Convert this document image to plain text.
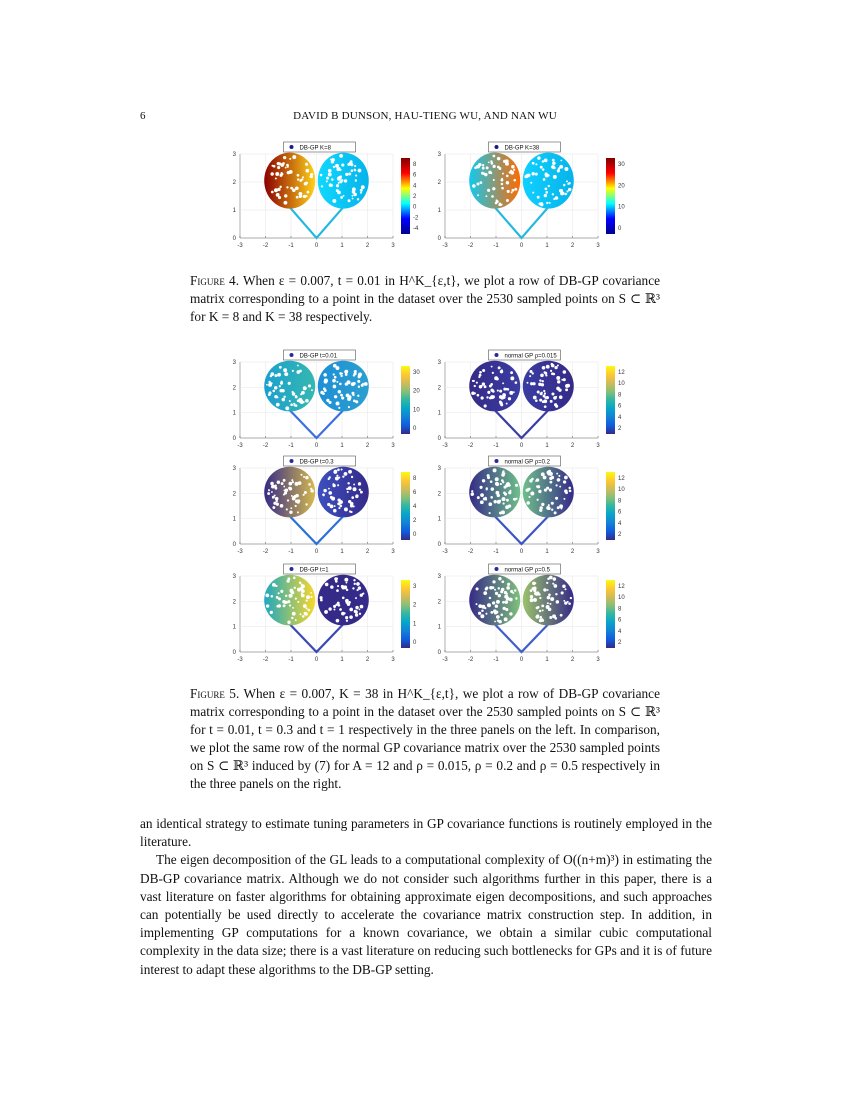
6	DAVID B DUNSON, HAU-TIENG WU, AND NAN WU
-3	-2	-1	0	1	2	3
3
2
1
0
DB-GP K=8
8
6
4
2
0
-2
-4
-3	-2	-1	0	1	2	3
3
2
1
0
DB-GP K=38
30
20
10
0
Figure 4. When ε = 0.007, t = 0.01 in H^K_{ε,t}, we plot a row of DB-GP covariance matrix corresponding to a point in the dataset over the 2530 sampled points on S ⊂ ℝ³ for K = 8 and K = 38 respectively.
-3	-2	-1	0	1	2	3
3
2
1
0
DB-GP t=0.01
30
20
10
0
-3	-2	-1	0	1	2	3
3
2
1
0
normal GP ρ=0.015
12
10
8
6
4
2
-3	-2	-1	0	1	2	3
3
2
1
0
DB-GP t=0.3
8
6
4
2
0
-3	-2	-1	0	1	2	3
3
2
1
0
normal GP ρ=0.2
12
10
8
6
4
2
-3	-2	-1	0	1	2	3
3
2
1
0
DB-GP t=1
3
2
1
0
-3	-2	-1	0	1	2	3
3
2
1
0
normal GP ρ=0.5
12
10
8
6
4
2
Figure 5. When ε = 0.007, K = 38 in H^K_{ε,t}, we plot a row of DB-GP covariance matrix corresponding to a point in the dataset over the 2530 sampled points on S ⊂ ℝ³ for t = 0.01, t = 0.3 and t = 1 respectively in the three panels on the left. In comparison, we plot the same row of the normal GP covariance matrix over the 2530 sampled points on S ⊂ ℝ³ induced by (7) for A = 12 and ρ = 0.015, ρ = 0.2 and ρ = 0.5 respectively in the three panels on the right.

an identical strategy to estimate tuning parameters in GP covariance functions is routinely employed in the literature.

The eigen decomposition of the GL leads to a computational complexity of O((n+m)³) in estimating the DB-GP covariance matrix. Although we do not consider such algorithms further in this paper, there is a vast literature on faster algorithms for obtaining approximate eigen decompositions, and such approaches can potentially be used directly to accelerate the covariance matrix construction step. In addition, in implementing GP computations for a known covariance, we obtain a similar cubic computational complexity in the data size; there is a vast literature on reducing such bottlenecks for GPs and it is of future interest to adapt these algorithms to the DB-GP setting.
